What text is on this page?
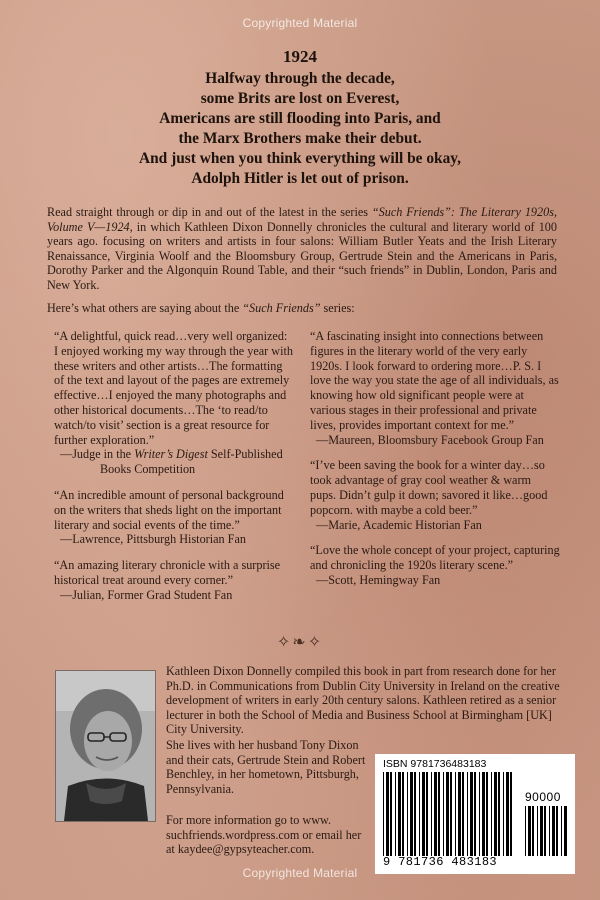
Copyrighted Material
1924
Halfway through the decade,
some Brits are lost on Everest,
Americans are still flooding into Paris, and
the Marx Brothers make their debut.
And just when you think everything will be okay,
Adolph Hitler is let out of prison.
Read straight through or dip in and out of the latest in the series “Such Friends”: The Literary 1920s, Volume V—1924, in which Kathleen Dixon Donnelly chronicles the cultural and literary world of 100 years ago. focusing on writers and artists in four salons: William Butler Yeats and the Irish Literary Renaissance, Virginia Woolf and the Bloomsbury Group, Gertrude Stein and the Americans in Paris, Dorothy Parker and the Algonquin Round Table, and their “such friends” in Dublin, London, Paris and New York.
Here’s what others are saying about the “Such Friends” series:
“A delightful, quick read…very well organized: I enjoyed working my way through the year with these writers and other artists…The formatting of the text and layout of the pages are extremely effective…I enjoyed the many photographs and other historical documents…The ‘to read/to watch/to visit’ section is a great resource for further exploration.”
—Judge in the Writer’s Digest Self-Published
Books Competition
“An incredible amount of personal background on the writers that sheds light on the important literary and social events of the time.”
—Lawrence, Pittsburgh Historian Fan
“An amazing literary chronicle with a surprise historical treat around every corner.”
—Julian, Former Grad Student Fan
“A fascinating insight into connections between figures in the literary world of the very early 1920s. I look forward to ordering more…P. S. I love the way you state the age of all individuals, as knowing how old significant people were at various stages in their professional and private lives, provides important context for me.”
—Maureen, Bloomsbury Facebook Group Fan
“I’ve been saving the book for a winter day…so took advantage of gray cool weather & warm pups. Didn’t gulp it down; savored it like…good popcorn. with maybe a cold beer.”
—Marie, Academic Historian Fan
“Love the whole concept of your project, capturing and chronicling the 1920s literary scene.”
—Scott, Hemingway Fan
✧❧✧
Kathleen Dixon Donnelly compiled this book in part from research done for her Ph.D. in Communications from Dublin City University in Ireland on the creative development of writers in early 20th century salons. Kathleen retired as a senior lecturer in both the School of Media and Business School at Birmingham [UK] City University.
She lives with her husband Tony Dixon and their cats, Gertrude Stein and Robert Benchley, in her hometown, Pittsburgh, Pennsylvania.
For more information go to www. suchfriends.wordpress.com or email her at kaydee@gypsyteacher.com.
ISBN 9781736483183
90000
9 781736 483183
Copyrighted Material
